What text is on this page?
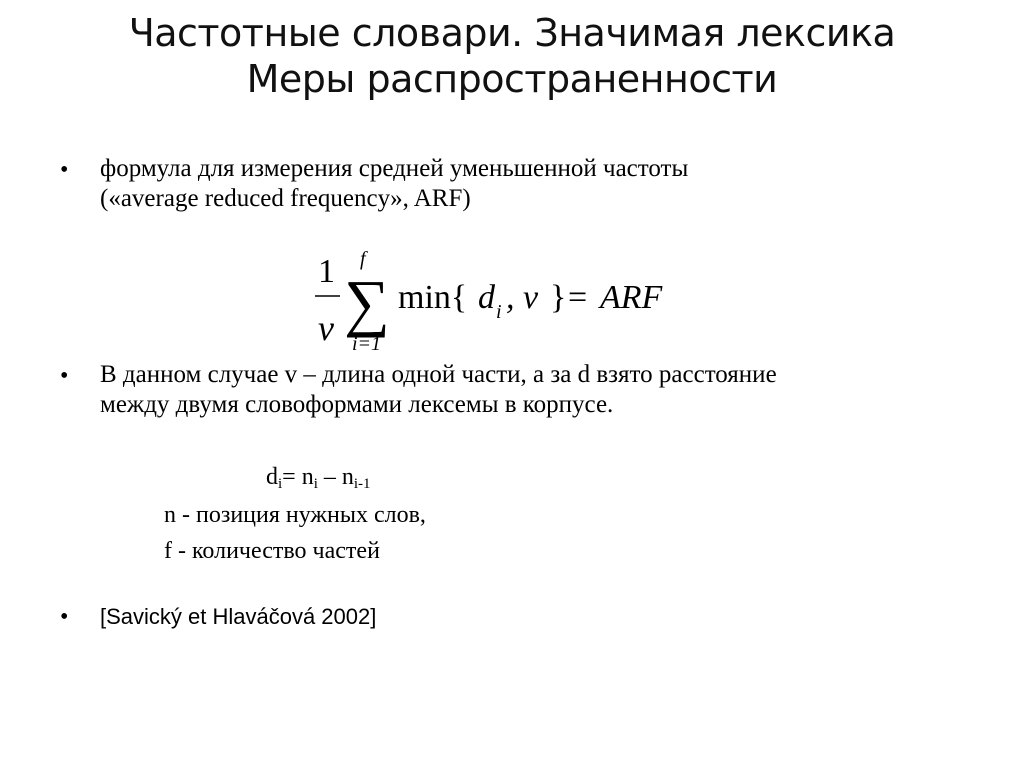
Частотные словари. Значимая лексика
Меры распространенности
• формула для измерения средней уменьшенной частоты
(«average reduced frequency», ARF)
1
v
f
∑
i=1
min{ d i , v } = ARF
• В данном случае v – длина одной части, а за d взято расстояние
между двумя словоформами лексемы в корпусе.
$d_i= n_i - n_{i-1}$
n - позиция нужных слов,
f - количество частей
• [Savický et Hlaváčová 2002]
